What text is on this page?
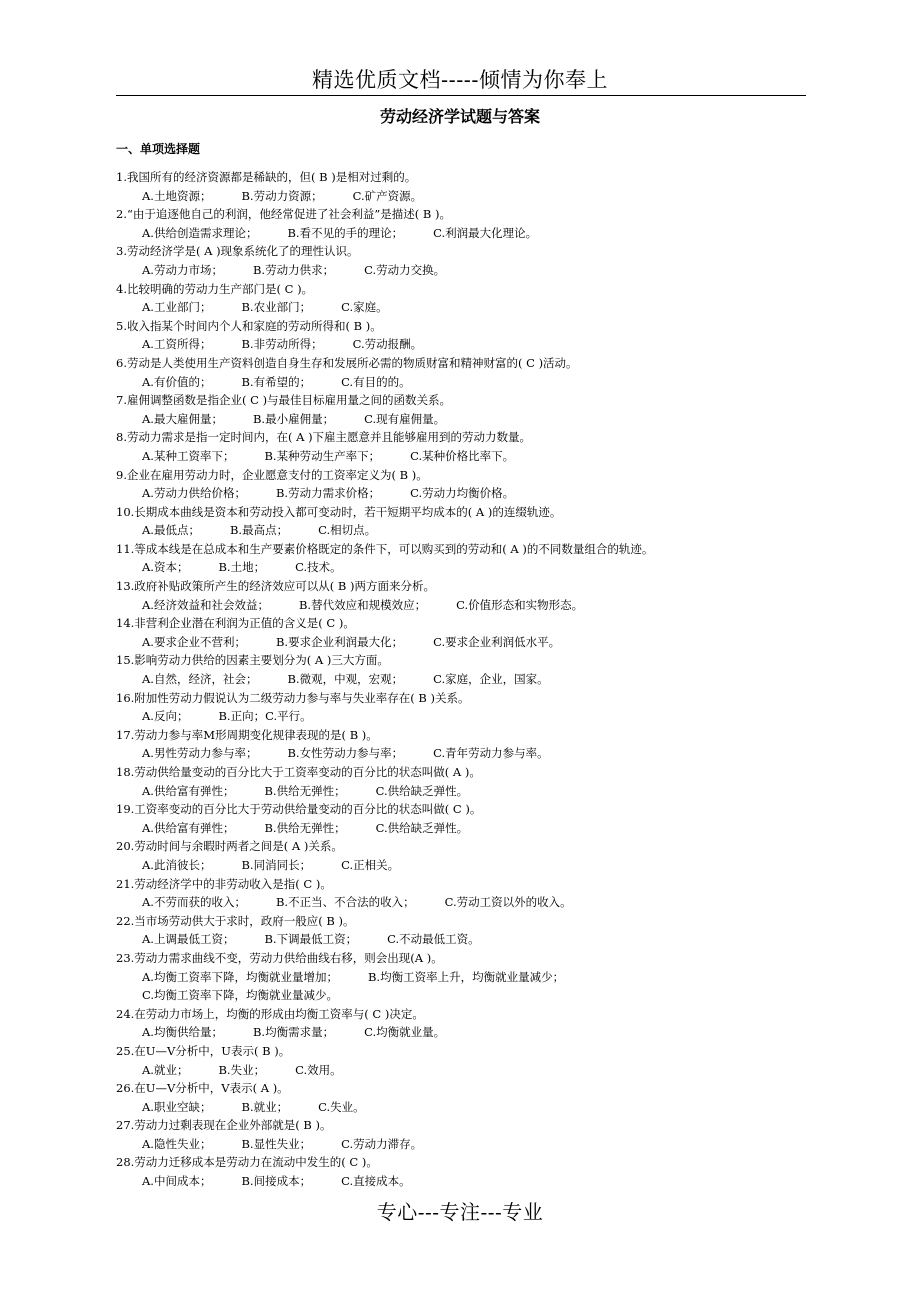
精选优质文档-----倾情为你奉上
劳动经济学试题与答案
一、单项选择题
1.我国所有的经济资源都是稀缺的，但( B )是相对过剩的。
A.土地资源；	B.劳动力资源；	C.矿产资源。
2.“由于追逐他自己的利润，他经常促进了社会利益”是描述( B )。
A.供给创造需求理论；	B.看不见的手的理论；	C.利润最大化理论。
3.劳动经济学是( A )现象系统化了的理性认识。
A.劳动力市场；	B.劳动力供求；	C.劳动力交换。
4.比较明确的劳动力生产部门是( C )。
A.工业部门；	B.农业部门；	C.家庭。
5.收入指某个时间内个人和家庭的劳动所得和( B )。
A.工资所得；	B.非劳动所得；	C.劳动报酬。
6.劳动是人类使用生产资料创造自身生存和发展所必需的物质财富和精神财富的( C )活动。
A.有价值的；	B.有希望的；	C.有目的的。
7.雇佣调整函数是指企业( C )与最佳目标雇用量之间的函数关系。
A.最大雇佣量；	B.最小雇佣量；	C.现有雇佣量。
8.劳动力需求是指一定时间内，在( A )下雇主愿意并且能够雇用到的劳动力数量。
A.某种工资率下；	B.某种劳动生产率下；	C.某种价格比率下。
9.企业在雇用劳动力时，企业愿意支付的工资率定义为( B )。
A.劳动力供给价格；	B.劳动力需求价格；	C.劳动力均衡价格。
10.长期成本曲线是资本和劳动投入都可变动时，若干短期平均成本的( A )的连缀轨迹。
A.最低点；	B.最高点；	C.相切点。
11.等成本线是在总成本和生产要素价格既定的条件下，可以购买到的劳动和( A )的不同数量组合的轨迹。
A.资本；	B.土地；	C.技术。
13.政府补贴政策所产生的经济效应可以从( B )两方面来分析。
A.经济效益和社会效益；	B.替代效应和规模效应；	C.价值形态和实物形态。
14.非营利企业潜在利润为正值的含义是( C )。
A.要求企业不营利；	B.要求企业利润最大化；	C.要求企业利润低水平。
15.影响劳动力供给的因素主要划分为( A )三大方面。
A.自然，经济，社会；	B.微观，中观，宏观；	C.家庭，企业，国家。
16.附加性劳动力假说认为二级劳动力参与率与失业率存在( B )关系。
A.反向；	B.正向；C.平行。
17.劳动力参与率M形周期变化规律表现的是( B )。
A.男性劳动力参与率；	B.女性劳动力参与率；	C.青年劳动力参与率。
18.劳动供给量变动的百分比大于工资率变动的百分比的状态叫做( A )。
A.供给富有弹性；	B.供给无弹性；	C.供给缺乏弹性。
19.工资率变动的百分比大于劳动供给量变动的百分比的状态叫做( C )。
A.供给富有弹性；	B.供给无弹性；	C.供给缺乏弹性。
20.劳动时间与余暇时两者之间是( A )关系。
A.此消彼长；	B.同消同长；	C.正相关。
21.劳动经济学中的非劳动收入是指( C )。
A.不劳而获的收入；	B.不正当、不合法的收入；	C.劳动工资以外的收入。
22.当市场劳动供大于求时，政府一般应( B )。
A.上调最低工资；	B.下调最低工资；	C.不动最低工资。
23.劳动力需求曲线不变，劳动力供给曲线右移，则会出现(A )。
A.均衡工资率下降，均衡就业量增加；	B.均衡工资率上升，均衡就业量减少；
C.均衡工资率下降，均衡就业量减少。
24.在劳动力市场上，均衡的形成由均衡工资率与( C )决定。
A.均衡供给量；	B.均衡需求量；	C.均衡就业量。
25.在U—V分析中，U表示( B )。
A.就业；	B.失业；	C.效用。
26.在U—V分析中，V表示( A )。
A.职业空缺；	B.就业；	C.失业。
27.劳动力过剩表现在企业外部就是( B )。
A.隐性失业；	B.显性失业；	C.劳动力滞存。
28.劳动力迁移成本是劳动力在流动中发生的( C )。
A.中间成本；	B.间接成本；	C.直接成本。
专心---专注---专业
